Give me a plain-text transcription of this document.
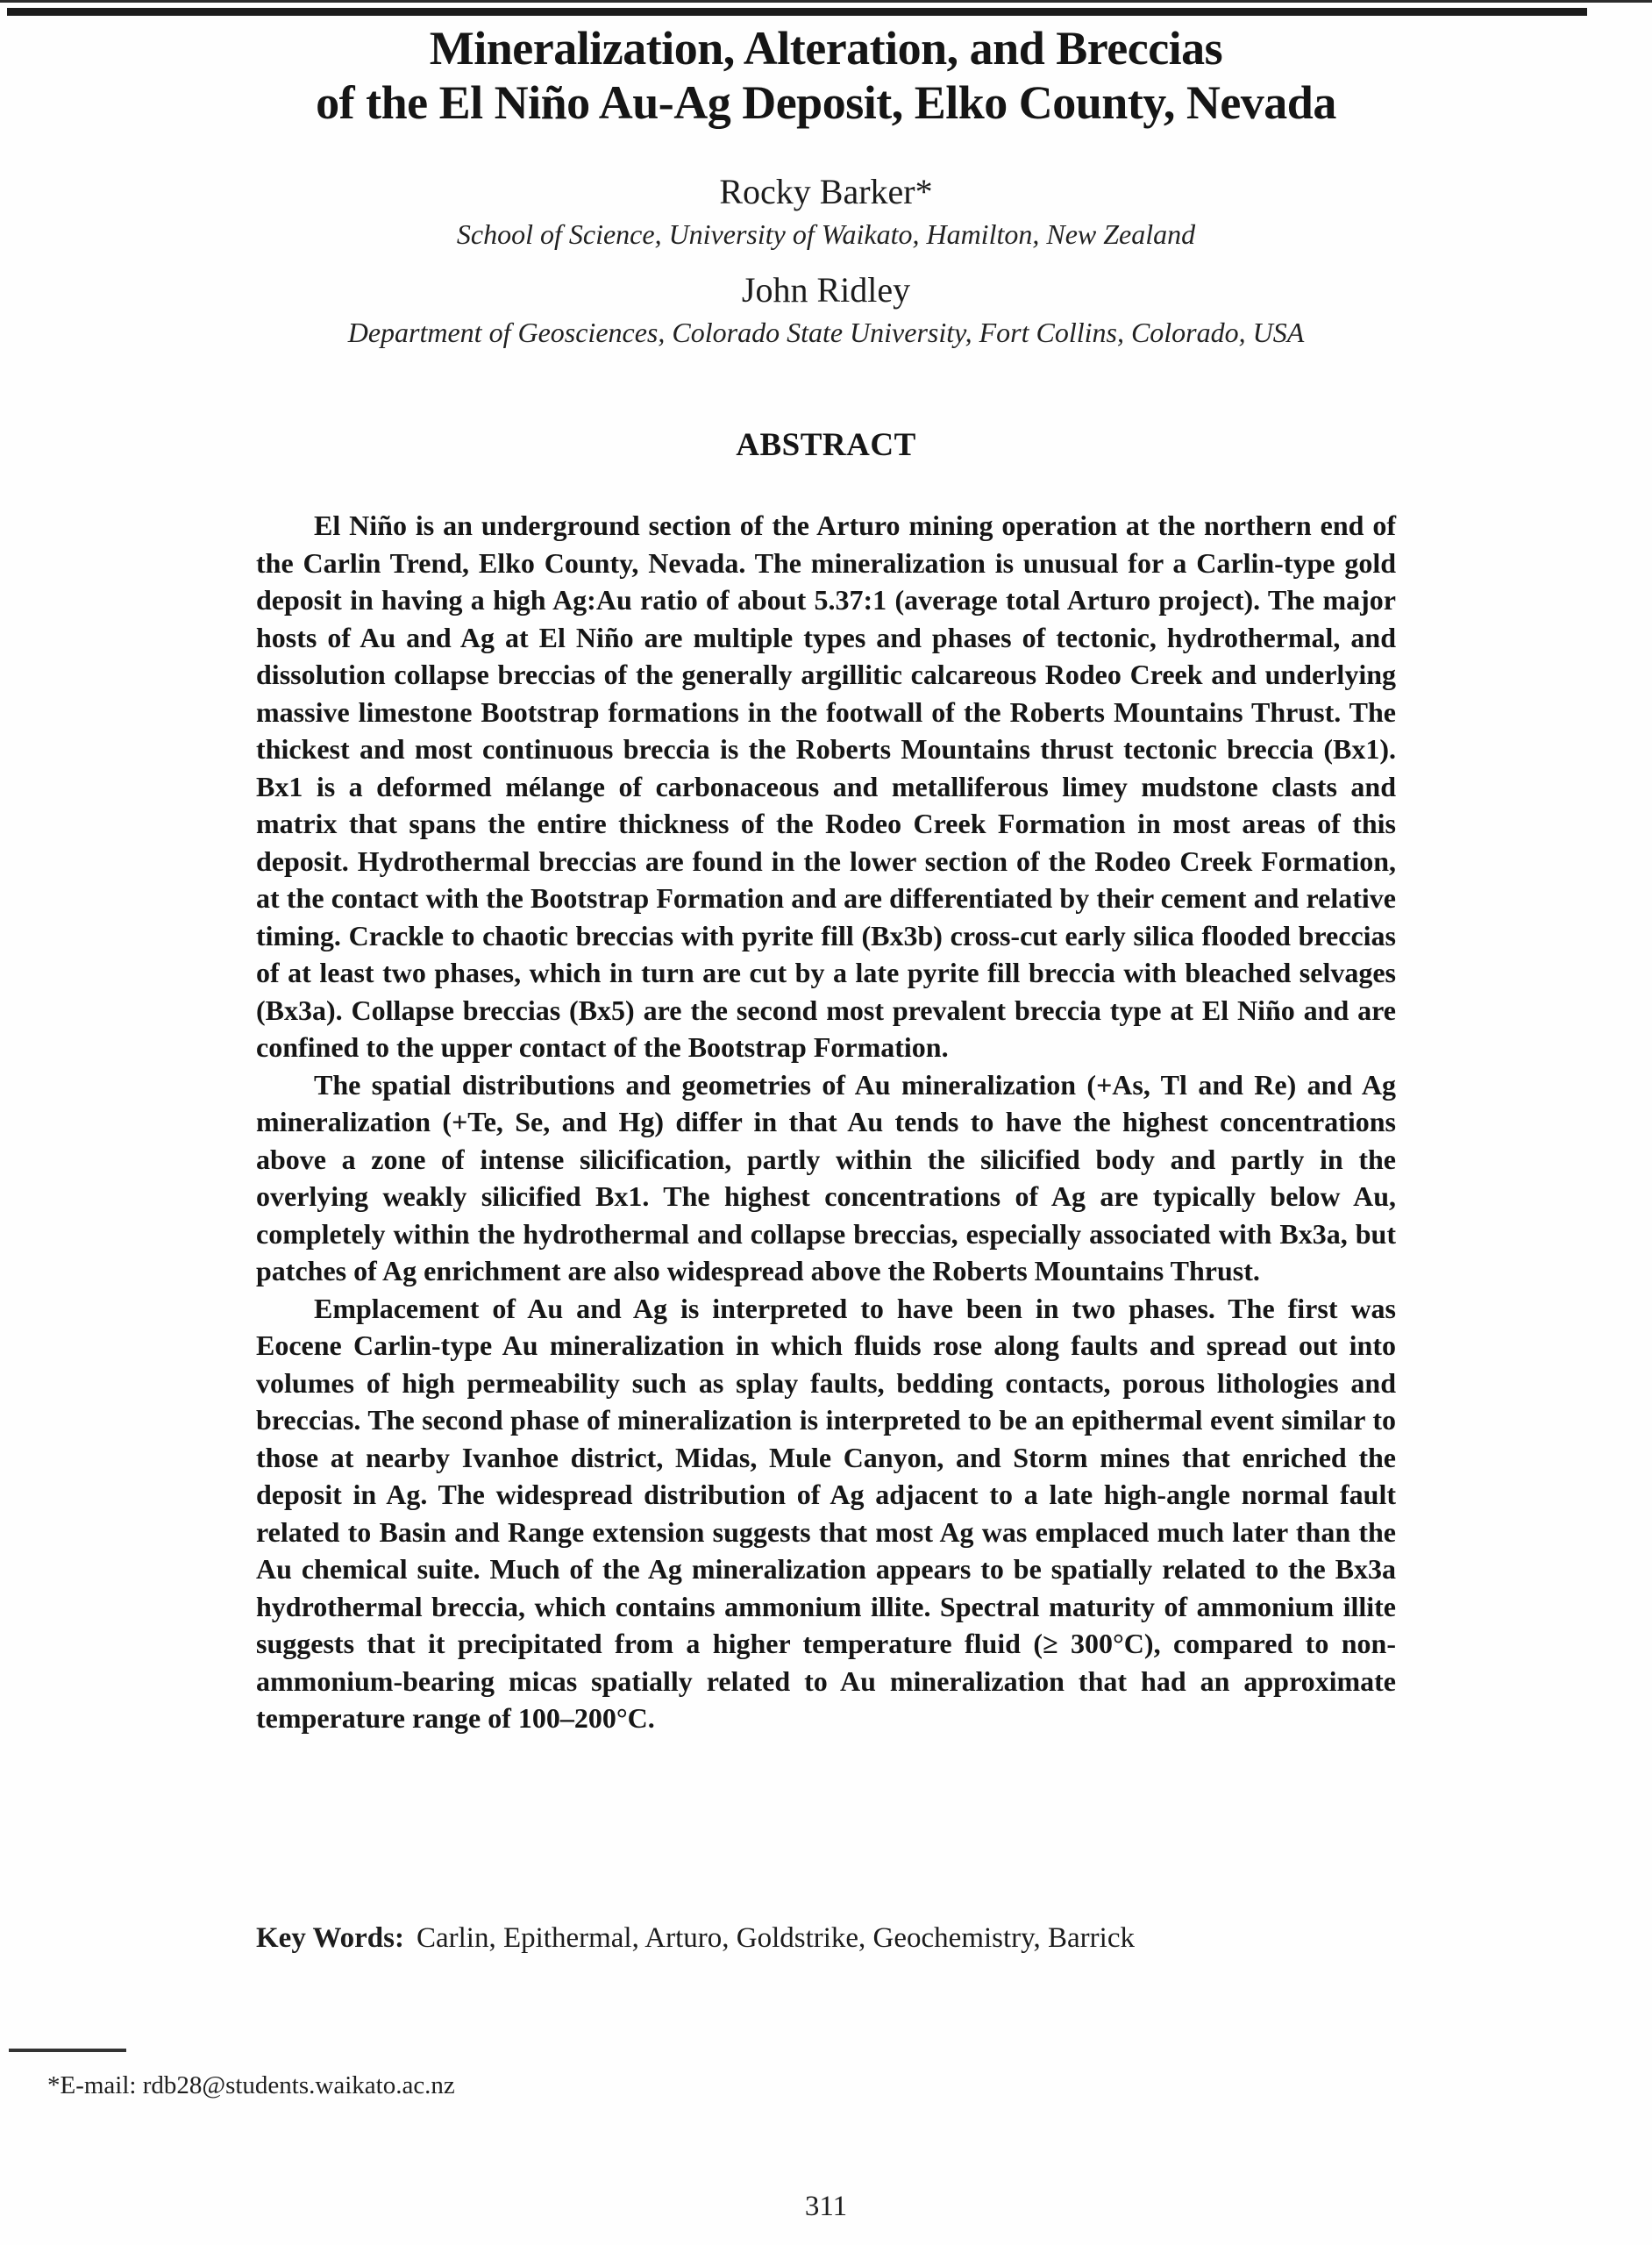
Mineralization, Alteration, and Breccias
of the El Niño Au-Ag Deposit, Elko County, Nevada
Rocky Barker*
School of Science, University of Waikato, Hamilton, New Zealand
John Ridley
Department of Geosciences, Colorado State University, Fort Collins, Colorado, USA
ABSTRACT

El Niño is an underground section of the Arturo mining operation at the northern end of the Carlin Trend, Elko County, Nevada. The mineralization is unusual for a Carlin-type gold deposit in having a high Ag:Au ratio of about 5.37:1 (average total Arturo project). The major hosts of Au and Ag at El Niño are multiple types and phases of tectonic, hydrothermal, and dissolution collapse breccias of the generally argillitic calcareous Rodeo Creek and underlying massive limestone Bootstrap formations in the footwall of the Roberts Mountains Thrust. The thickest and most continuous breccia is the Roberts Mountains thrust tectonic breccia (Bx1). Bx1 is a deformed mélange of carbonaceous and metalliferous limey mudstone clasts and matrix that spans the entire thickness of the Rodeo Creek Formation in most areas of this deposit. Hydrothermal breccias are found in the lower section of the Rodeo Creek Formation, at the contact with the Bootstrap Formation and are differentiated by their cement and relative timing. Crackle to chaotic breccias with pyrite fill (Bx3b) cross-cut early silica flooded breccias of at least two phases, which in turn are cut by a late pyrite fill breccia with bleached selvages (Bx3a). Collapse breccias (Bx5) are the second most prevalent breccia type at El Niño and are confined to the upper contact of the Bootstrap Formation.

The spatial distributions and geometries of Au mineralization (+As, Tl and Re) and Ag mineralization (+Te, Se, and Hg) differ in that Au tends to have the highest concentrations above a zone of intense silicification, partly within the silicified body and partly in the overlying weakly silicified Bx1. The highest concentrations of Ag are typically below Au, completely within the hydrothermal and collapse breccias, especially associated with Bx3a, but patches of Ag enrichment are also widespread above the Roberts Mountains Thrust.

Emplacement of Au and Ag is interpreted to have been in two phases. The first was Eocene Carlin-type Au mineralization in which fluids rose along faults and spread out into volumes of high permeability such as splay faults, bedding contacts, porous lithologies and breccias. The second phase of mineralization is interpreted to be an epithermal event similar to those at nearby Ivanhoe district, Midas, Mule Canyon, and Storm mines that enriched the deposit in Ag. The widespread distribution of Ag adjacent to a late high-angle normal fault related to Basin and Range extension suggests that most Ag was emplaced much later than the Au chemical suite. Much of the Ag mineralization appears to be spatially related to the Bx3a hydrothermal breccia, which contains ammonium illite. Spectral maturity of ammonium illite suggests that it precipitated from a higher temperature fluid (≥ 300°C), compared to non-ammonium-bearing micas spatially related to Au mineralization that had an approximate temperature range of 100–200°C.

Key Words: Carlin, Epithermal, Arturo, Goldstrike, Geochemistry, Barrick
*E-mail: rdb28@students.waikato.ac.nz
311
